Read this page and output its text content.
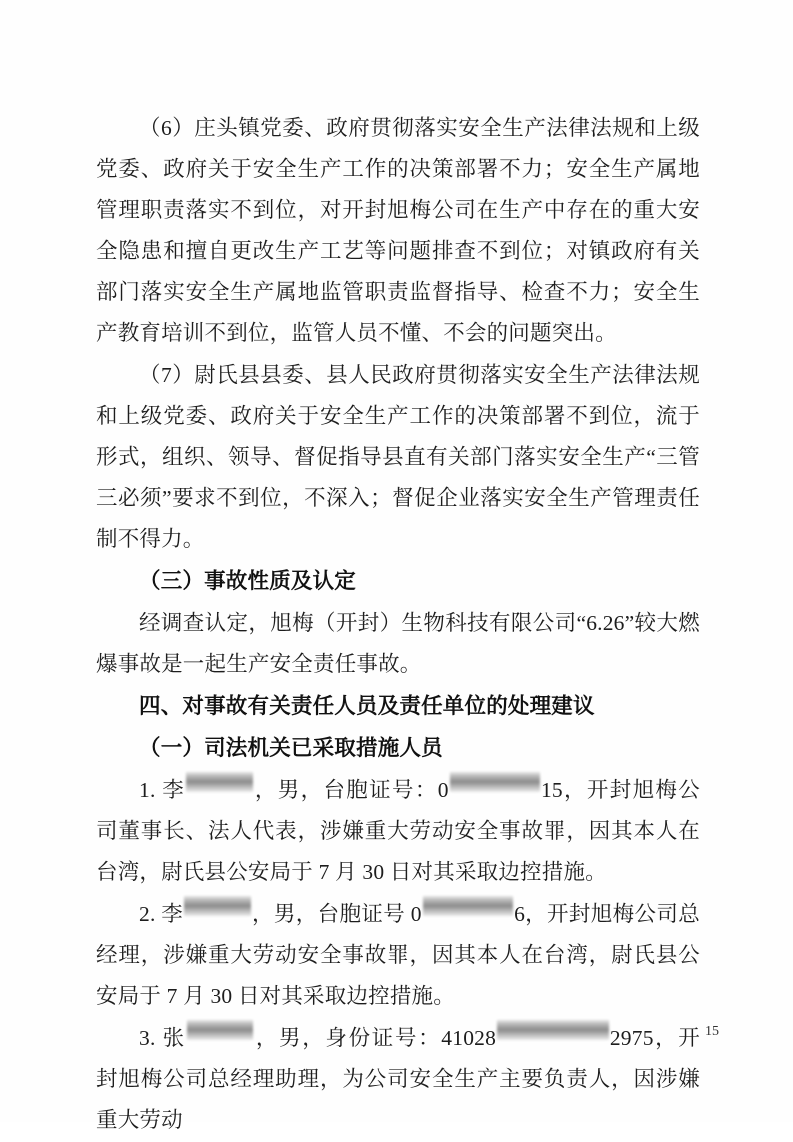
（6）庄头镇党委、政府贯彻落实安全生产法律法规和上级党委、政府关于安全生产工作的决策部署不力；安全生产属地管理职责落实不到位，对开封旭梅公司在生产中存在的重大安全隐患和擅自更改生产工艺等问题排查不到位；对镇政府有关部门落实安全生产属地监管职责监督指导、检查不力；安全生产教育培训不到位，监管人员不懂、不会的问题突出。

（7）尉氏县县委、县人民政府贯彻落实安全生产法律法规和上级党委、政府关于安全生产工作的决策部署不到位，流于形式，组织、领导、督促指导县直有关部门落实安全生产“三管三必须”要求不到位，不深入；督促企业落实安全生产管理责任制不得力。

（三）事故性质及认定

经调查认定，旭梅（开封）生物科技有限公司“6.26”较大燃爆事故是一起生产安全责任事故。

四、对事故有关责任人员及责任单位的处理建议

（一）司法机关已采取措施人员

1. 李	，男，台胞证号：0	15，开封旭梅公司董事长、法人代表，涉嫌重大劳动安全事故罪，因其本人在台湾，尉氏县公安局于 7 月 30 日对其采取边控措施。

2. 李	，男，台胞证号 0	6，开封旭梅公司总经理，涉嫌重大劳动安全事故罪，因其本人在台湾，尉氏县公安局于 7 月 30 日对其采取边控措施。

3. 张	，男，身份证号：41028	2975，开封旭梅公司总经理助理，为公司安全生产主要负责人，因涉嫌重大劳动

15
